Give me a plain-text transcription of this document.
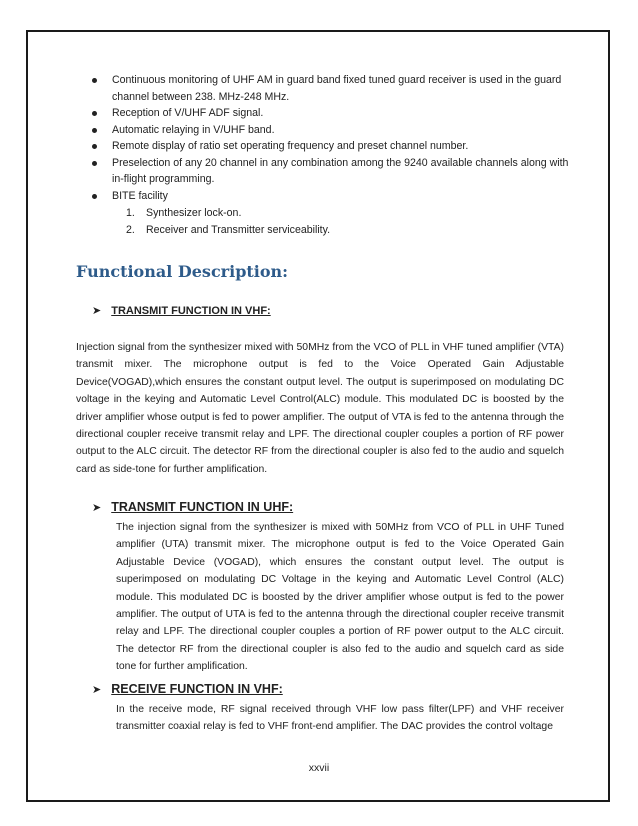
Continuous monitoring of UHF AM in guard band fixed tuned guard receiver is used in the guard channel between 238. MHz-248 MHz.
Reception of V/UHF ADF signal.
Automatic relaying in V/UHF band.
Remote display of ratio set operating frequency and preset channel number.
Preselection of any 20 channel in any combination among the 9240 available channels along with in-flight programming.
BITE facility
1. Synthesizer lock-on.
2. Receiver and Transmitter serviceability.
Functional Description:

➤ TRANSMIT FUNCTION IN VHF:

Injection signal from the synthesizer mixed with 50MHz from the VCO of PLL in VHF tuned amplifier (VTA) transmit mixer. The microphone output is fed to the Voice Operated Gain Adjustable Device(VOGAD),which ensures the constant output level. The output is superimposed on modulating DC voltage in the keying and Automatic Level Control(ALC) module. This modulated DC is boosted by the driver amplifier whose output is fed to power amplifier. The output of VTA is fed to the antenna through the directional coupler receive transmit relay and LPF. The directional coupler couples a portion of RF power output to the ALC circuit. The detector RF from the directional coupler is also fed to the audio and squelch card as side-tone for further amplification.

➤ TRANSMIT FUNCTION IN UHF:

The injection signal from the synthesizer is mixed with 50MHz from VCO of PLL in UHF Tuned amplifier (UTA) transmit mixer. The microphone output is fed to the Voice Operated Gain Adjustable Device (VOGAD), which ensures the constant output level. The output is superimposed on modulating DC Voltage in the keying and Automatic Level Control (ALC) module. This modulated DC is boosted by the driver amplifier whose output is fed to the power amplifier. The output of UTA is fed to the antenna through the directional coupler receive transmit relay and LPF. The directional coupler couples a portion of RF power output to the ALC circuit. The detector RF from the directional coupler is also fed to the audio and squelch card as side tone for further amplification.

➤ RECEIVE FUNCTION IN VHF:

In the receive mode, RF signal received through VHF low pass filter(LPF) and VHF receiver transmitter coaxial relay is fed to VHF front-end amplifier. The DAC provides the control voltage

xxvii
